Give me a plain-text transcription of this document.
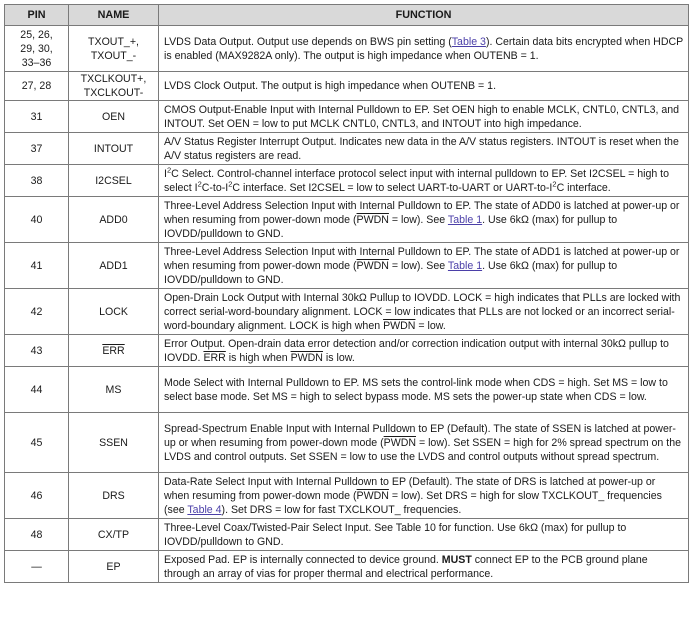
PIN	NAME	FUNCTION

25, 26,
29, 30,
33–36	TXOUT_+, TXOUT_-	LVDS Data Output. Output use depends on BWS pin setting (Table 3). Certain data bits encrypted when HDCP is enabled (MAX9282A only). The output is high impedance when OUTENB = 1.
27, 28	TXCLKOUT+, TXCLKOUT-	LVDS Clock Output. The output is high impedance when OUTENB = 1.
31	OEN	CMOS Output-Enable Input with Internal Pulldown to EP. Set OEN high to enable MCLK, CNTL0, CNTL3, and INTOUT. Set OEN = low to put MCLK CNTL0, CNTL3, and INTOUT into high impedance.
37	INTOUT	A/V Status Register Interrupt Output. Indicates new data in the A/V status registers. INTOUT is reset when the A/V status registers are read.
38	I2CSEL	$I^2C$ Select. Control-channel interface protocol select input with internal pulldown to EP. Set I2CSEL = high to select $I^2C-to-I^2C$ interface. Set I2CSEL = low to select UART-to-UART or UART-$to-I^2C$ interface.
40	ADD0	Three-Level Address Selection Input with Internal Pulldown to EP. The state of ADD0 is latched at power-up or when resuming from power-down mode (PWDN = low). See Table 1. Use 6kΩ (max) for pullup to IOVDD/pulldown to GND.
41	ADD1	Three-Level Address Selection Input with Internal Pulldown to EP. The state of ADD1 is latched at power-up or when resuming from power-down mode (PWDN = low). See Table 1. Use 6kΩ (max) for pullup to IOVDD/pulldown to GND.
42	LOCK	Open-Drain Lock Output with Internal 30kΩ Pullup to IOVDD. LOCK = high indicates that PLLs are locked with correct serial-word-boundary alignment. LOCK = low indicates that PLLs are not locked or an incorrect serial-word-boundary alignment. LOCK is high when PWDN = low.
43	$\overline{ERR}$	Error Output. Open-drain data error detection and/or correction indication output with internal 30kΩ pullup to IOVDD. $\overline{ERR}$ is high when PWDN is low.
44	MS	Mode Select with Internal Pulldown to EP. MS sets the control-link mode when CDS = high. Set MS = low to select base mode. Set MS = high to select bypass mode. MS sets the power-up state when CDS = low.
45	SSEN	Spread-Spectrum Enable Input with Internal Pulldown to EP (Default). The state of SSEN is latched at power-up or when resuming from power-down mode (PWDN = low). Set SSEN = high for 2% spread spectrum on the LVDS and control outputs. Set SSEN = low to use the LVDS and control outputs without spread spectrum.
46	DRS	Data-Rate Select Input with Internal Pulldown to EP (Default). The state of DRS is latched at power-up or when resuming from power-down mode (PWDN = low). Set DRS = high for slow TXCLKOUT_ frequencies (see Table 4). Set DRS = low for fast TXCLKOUT_ frequencies.
48	CX/TP	Three-Level Coax/Twisted-Pair Select Input. See Table 10 for function. Use 6kΩ (max) for pullup to IOVDD/pulldown to GND.
—	EP	Exposed Pad. EP is internally connected to device ground. MUST connect EP to the PCB ground plane through an array of vias for proper thermal and electrical performance.
